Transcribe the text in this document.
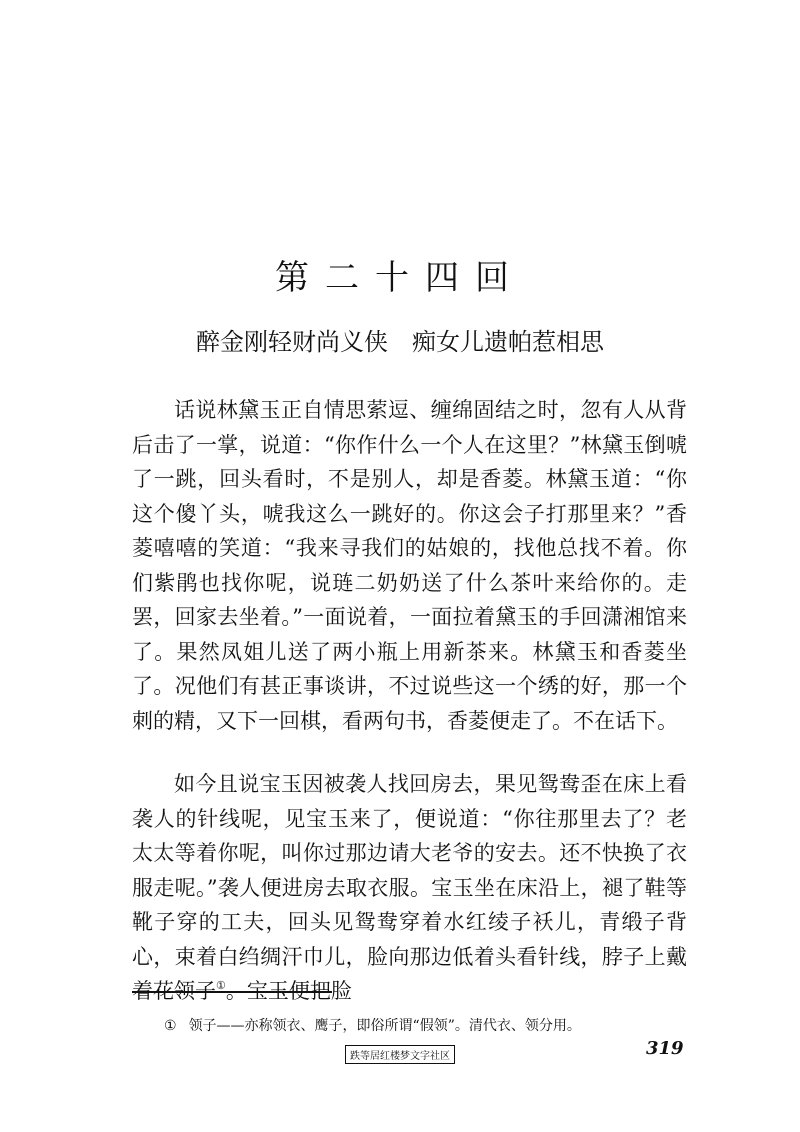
第二十四回
醉金刚轻财尚义侠　痴女儿遗帕惹相思

话说林黛玉正自情思萦逗、缠绵固结之时，忽有人从背后击了一掌，说道：“你作什么一个人在这里？”林黛玉倒唬了一跳，回头看时，不是别人，却是香菱。林黛玉道：“你这个傻丫头，唬我这么一跳好的。你这会子打那里来？”香菱嘻嘻的笑道：“我来寻我们的姑娘的，找他总找不着。你们紫鹃也找你呢，说琏二奶奶送了什么茶叶来给你的。走罢，回家去坐着。”一面说着，一面拉着黛玉的手回潇湘馆来了。果然凤姐儿送了两小瓶上用新茶来。林黛玉和香菱坐了。况他们有甚正事谈讲，不过说些这一个绣的好，那一个刺的精，又下一回棋，看两句书，香菱便走了。不在话下。

如今且说宝玉因被袭人找回房去，果见鸳鸯歪在床上看袭人的针线呢，见宝玉来了，便说道：“你往那里去了？老太太等着你呢，叫你过那边请大老爷的安去。还不快换了衣服走呢。”袭人便进房去取衣服。宝玉坐在床沿上，褪了鞋等靴子穿的工夫，回头见鸳鸯穿着水红绫子袄儿，青缎子背心，束着白绉绸汗巾儿，脸向那边低着头看针线，脖子上戴着花领子①。宝玉便把脸

① 领子——亦称领衣、鹰子，即俗所谓“假领”。清代衣、领分用。
跌等居红楼梦文字社区	319
